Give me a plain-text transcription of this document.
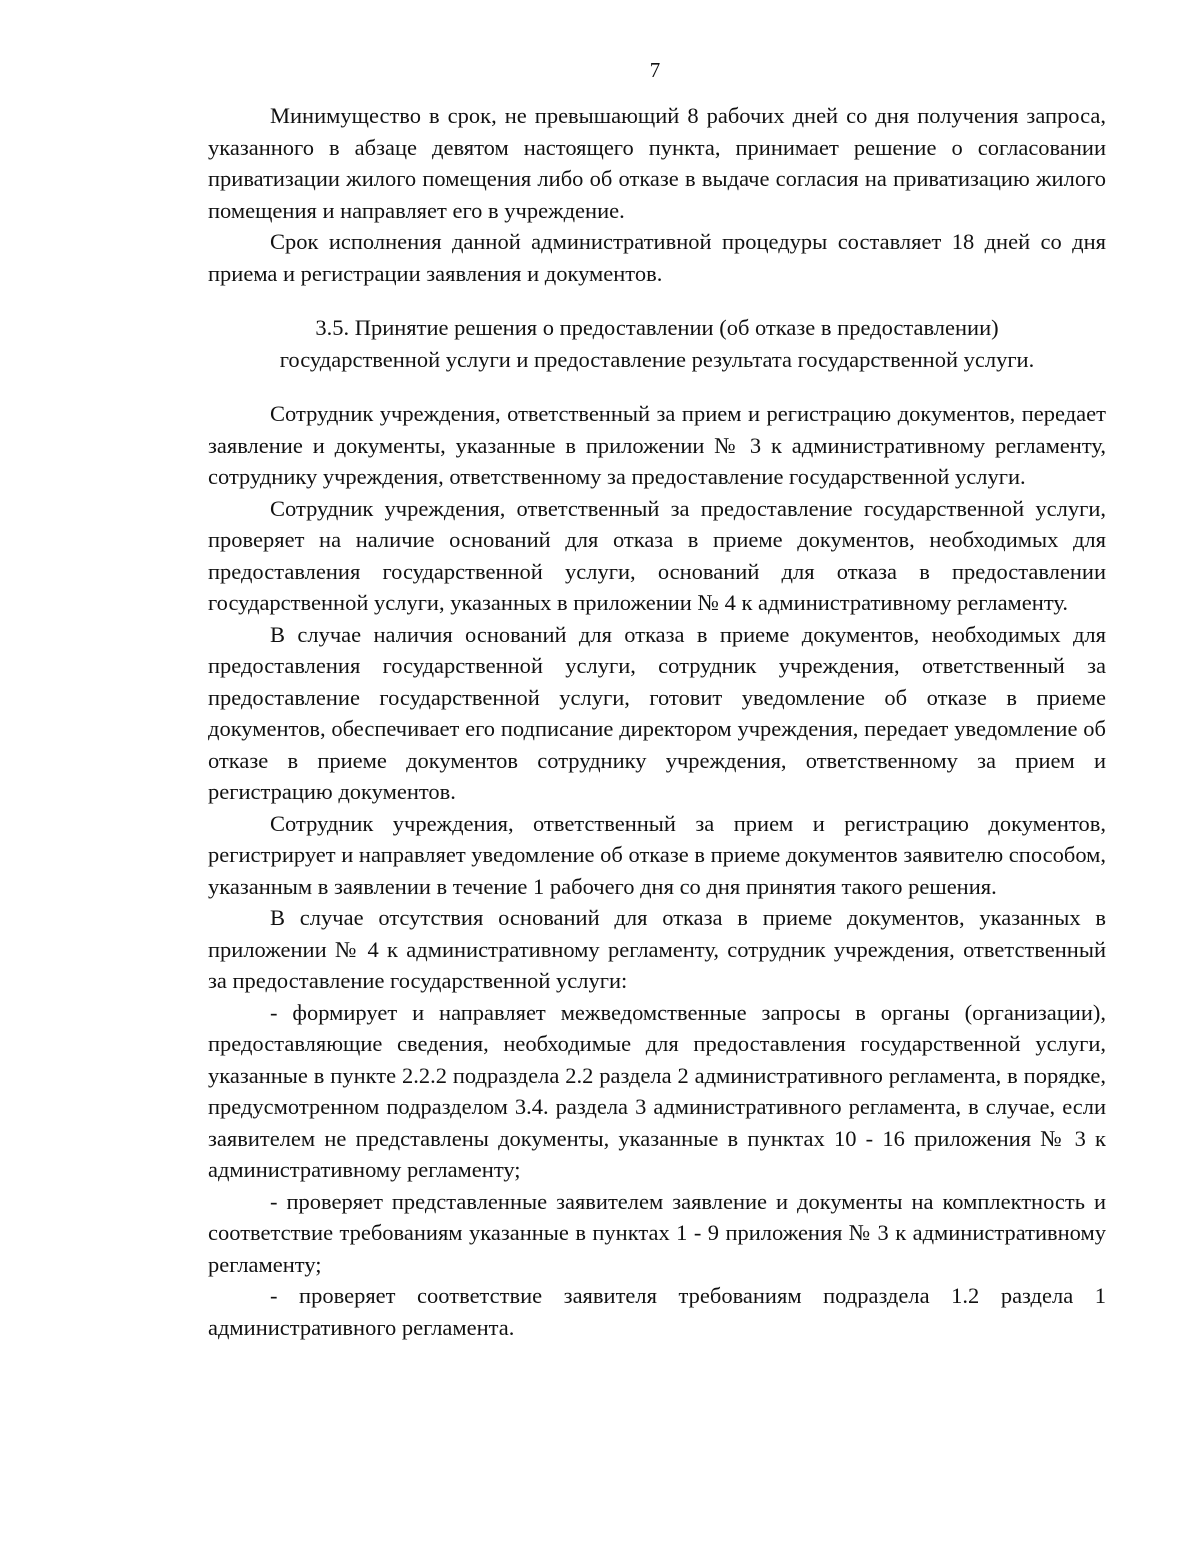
7

Минимущество в срок, не превышающий 8 рабочих дней со дня получения запроса, указанного в абзаце девятом настоящего пункта, принимает решение о согласовании приватизации жилого помещения либо об отказе в выдаче согласия на приватизацию жилого помещения и направляет его в учреждение.

Срок исполнения данной административной процедуры составляет 18 дней со дня приема и регистрации заявления и документов.

3.5. Принятие решения о предоставлении (об отказе в предоставлении)
государственной услуги и предоставление результата государственной услуги.

Сотрудник учреждения, ответственный за прием и регистрацию документов, передает заявление и документы, указанные в приложении № 3 к административному регламенту, сотруднику учреждения, ответственному за предоставление государственной услуги.

Сотрудник учреждения, ответственный за предоставление государственной услуги, проверяет на наличие оснований для отказа в приеме документов, необходимых для предоставления государственной услуги, оснований для отказа в предоставлении государственной услуги, указанных в приложении № 4 к административному регламенту.

В случае наличия оснований для отказа в приеме документов, необходимых для предоставления государственной услуги, сотрудник учреждения, ответственный за предоставление государственной услуги, готовит уведомление об отказе в приеме документов, обеспечивает его подписание директором учреждения, передает уведомление об отказе в приеме документов сотруднику учреждения, ответственному за прием и регистрацию документов.

Сотрудник учреждения, ответственный за прием и регистрацию документов, регистрирует и направляет уведомление об отказе в приеме документов заявителю способом, указанным в заявлении в течение 1 рабочего дня со дня принятия такого решения.

В случае отсутствия оснований для отказа в приеме документов, указанных в приложении № 4 к административному регламенту, сотрудник учреждения, ответственный за предоставление государственной услуги:

- формирует и направляет межведомственные запросы в органы (организации), предоставляющие сведения, необходимые для предоставления государственной услуги, указанные в пункте 2.2.2 подраздела 2.2 раздела 2 административного регламента, в порядке, предусмотренном подразделом 3.4. раздела 3 административного регламента, в случае, если заявителем не представлены документы, указанные в пунктах 10 - 16 приложения № 3 к административному регламенту;

- проверяет представленные заявителем заявление и документы на комплектность и соответствие требованиям указанные в пунктах 1 - 9 приложения № 3 к административному регламенту;

- проверяет соответствие заявителя требованиям подраздела 1.2 раздела 1 административного регламента.
